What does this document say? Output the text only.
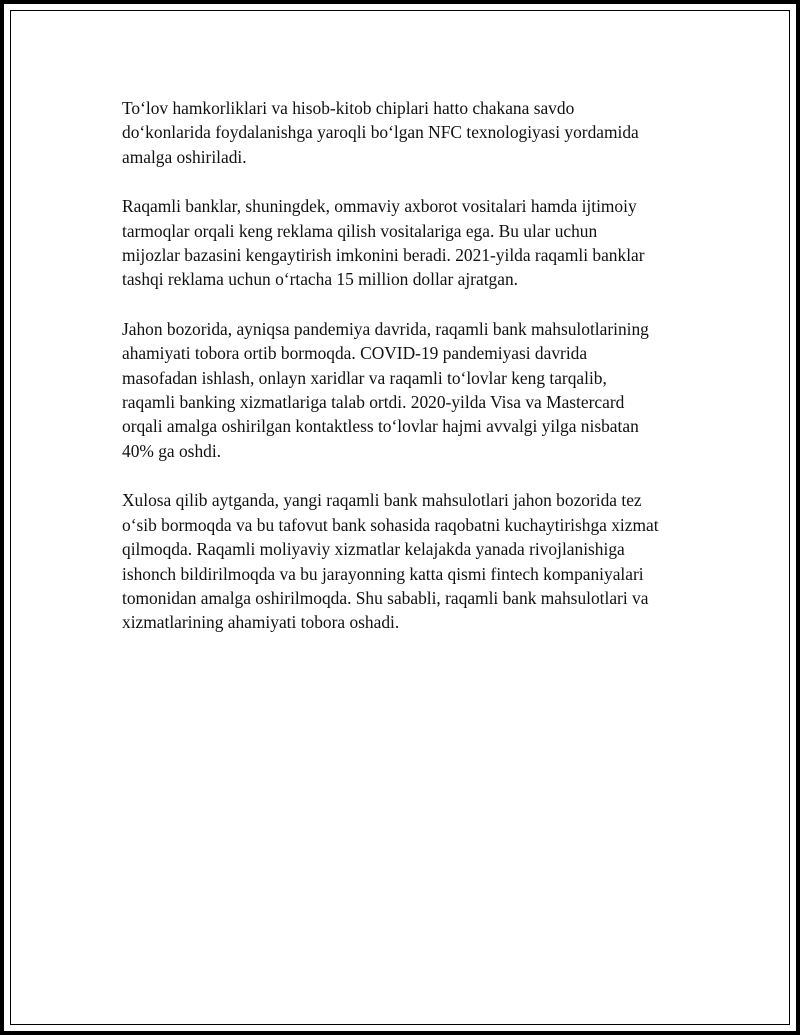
To‘lov hamkorliklari va hisob-kitob chiplari hatto chakana savdo
do‘konlarida foydalanishga yaroqli bo‘lgan NFC texnologiyasi yordamida
amalga oshiriladi.

Raqamli banklar, shuningdek, ommaviy axborot vositalari hamda ijtimoiy
tarmoqlar orqali keng reklama qilish vositalariga ega. Bu ular uchun
mijozlar bazasini kengaytirish imkonini beradi. 2021-yilda raqamli banklar
tashqi reklama uchun o‘rtacha 15 million dollar ajratgan.

Jahon bozorida, ayniqsa pandemiya davrida, raqamli bank mahsulotlarining
ahamiyati tobora ortib bormoqda. COVID-19 pandemiyasi davrida
masofadan ishlash, onlayn xaridlar va raqamli to‘lovlar keng tarqalib,
raqamli banking xizmatlariga talab ortdi. 2020-yilda Visa va Mastercard
orqali amalga oshirilgan kontaktless to‘lovlar hajmi avvalgi yilga nisbatan
40% ga oshdi.

Xulosa qilib aytganda, yangi raqamli bank mahsulotlari jahon bozorida tez
o‘sib bormoqda va bu tafovut bank sohasida raqobatni kuchaytirishga xizmat
qilmoqda. Raqamli moliyaviy xizmatlar kelajakda yanada rivojlanishiga
ishonch bildirilmoqda va bu jarayonning katta qismi fintech kompaniyalari
tomonidan amalga oshirilmoqda. Shu sababli, raqamli bank mahsulotlari va
xizmatlarining ahamiyati tobora oshadi.
